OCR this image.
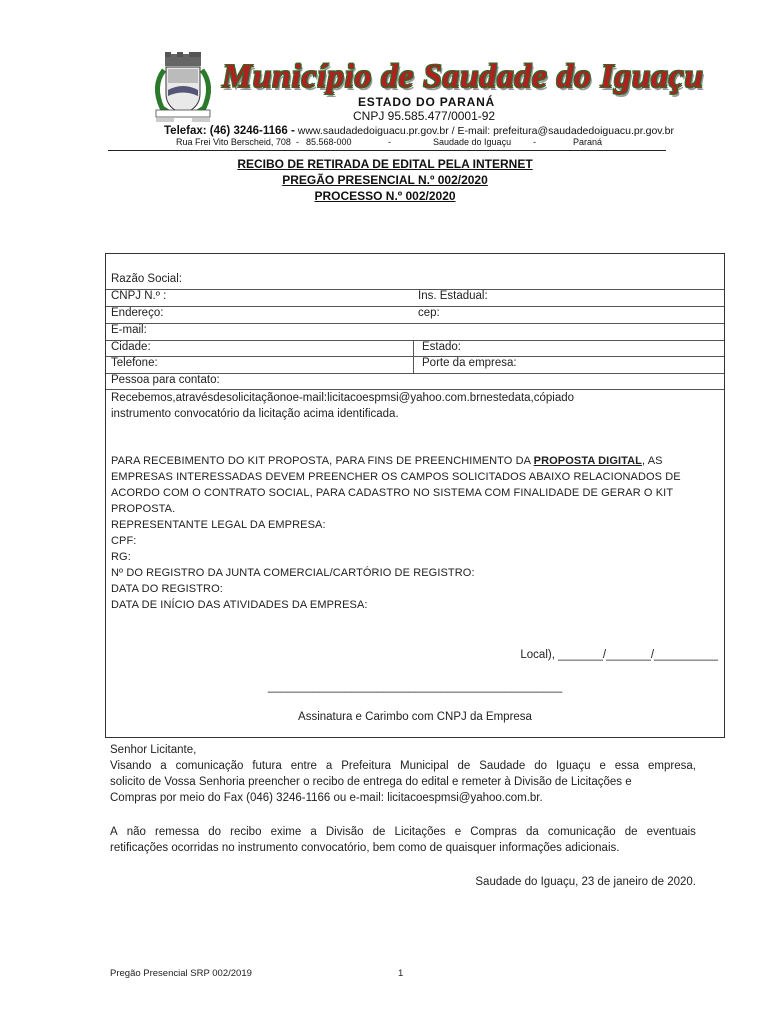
Município de Saudade do Iguaçu
ESTADO DO PARANÁ
CNPJ 95.585.477/0001-92
Telefax: (46) 3246-1166 - www.saudadedoiguacu.pr.gov.br / E-mail: prefeitura@saudadedoiguacu.pr.gov.br
Rua Frei Vito Berscheid, 708 - 85.568-000	-	Saudade do Iguaçu -	Paraná
RECIBO DE RETIRADA DE EDITAL PELA INTERNET
PREGÃO PRESENCIAL N.º 002/2020
PROCESSO N.º 002/2020
Razão Social:
CNPJ N.º :	Ins. Estadual:
Endereço:	cep:
E-mail:
Cidade:	Estado:
Telefone:	Porte da empresa:
Pessoa para contato:
Recebemos,atravésdesolicitaçãonoe-mail:licitacoespmsi@yahoo.com.brnestedata,cópiado
instrumento convocatório da licitação acima identificada.
PARA RECEBIMENTO DO KIT PROPOSTA, PARA FINS DE PREENCHIMENTO DA PROPOSTA DIGITAL, AS
EMPRESAS INTERESSADAS DEVEM PREENCHER OS CAMPOS SOLICITADOS ABAIXO RELACIONADOS DE
ACORDO COM O CONTRATO SOCIAL, PARA CADASTRO NO SISTEMA COM FINALIDADE DE GERAR O KIT
PROPOSTA.
REPRESENTANTE LEGAL DA EMPRESA:
CPF:
RG:
Nº DO REGISTRO DA JUNTA COMERCIAL/CARTÓRIO DE REGISTRO:
DATA DO REGISTRO:
DATA DE INÍCIO DAS ATIVIDADES DA EMPRESA:
Local), _______/_______/__________
______________________________________________
Assinatura e Carimbo com CNPJ da Empresa
Senhor Licitante,
Visando a comunicação futura entre a Prefeitura Municipal de Saudade do Iguaçu e essa empresa,
solicito de Vossa Senhoria preencher o recibo de entrega do edital e remeter à Divisão de Licitações e
Compras por meio do Fax (046) 3246-1166 ou e-mail: licitacoespmsi@yahoo.com.br.
A não remessa do recibo exime a Divisão de Licitações e Compras da comunicação de eventuais
retificações ocorridas no instrumento convocatório, bem como de quaisquer informações adicionais.
Saudade do Iguaçu, 23 de janeiro de 2020.
Pregão Presencial SRP 002/2019	1
